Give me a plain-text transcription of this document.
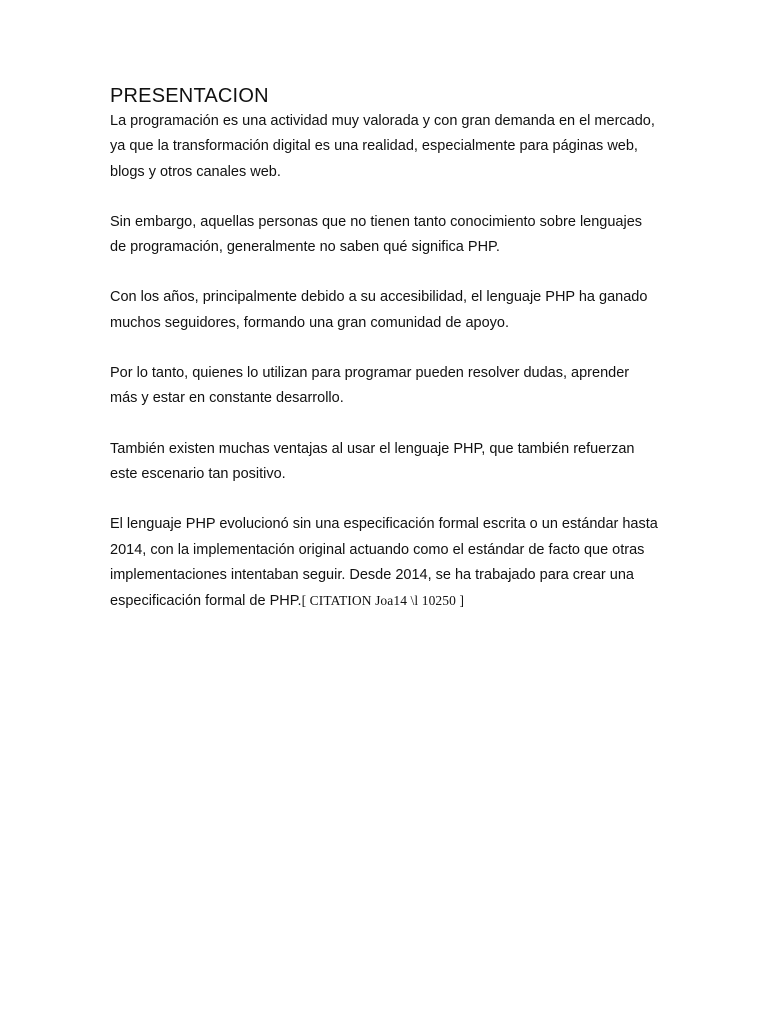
PRESENTACION

La programación es una actividad muy valorada y con gran demanda en el mercado, ya que la transformación digital es una realidad, especialmente para páginas web, blogs y otros canales web.

Sin embargo, aquellas personas que no tienen tanto conocimiento sobre lenguajes de programación, generalmente no saben qué significa PHP.

Con los años, principalmente debido a su accesibilidad, el lenguaje PHP ha ganado muchos seguidores, formando una gran comunidad de apoyo.

Por lo tanto, quienes lo utilizan para programar pueden resolver dudas, aprender más y estar en constante desarrollo.

También existen muchas ventajas al usar el lenguaje PHP, que también refuerzan este escenario tan positivo.

El lenguaje PHP evolucionó sin una especificación formal escrita o un estándar hasta 2014, con la implementación original actuando como el estándar de facto que otras implementaciones intentaban seguir. Desde 2014, se ha trabajado para crear una especificación formal de PHP.[ CITATION Joa14 \l 10250 ]
